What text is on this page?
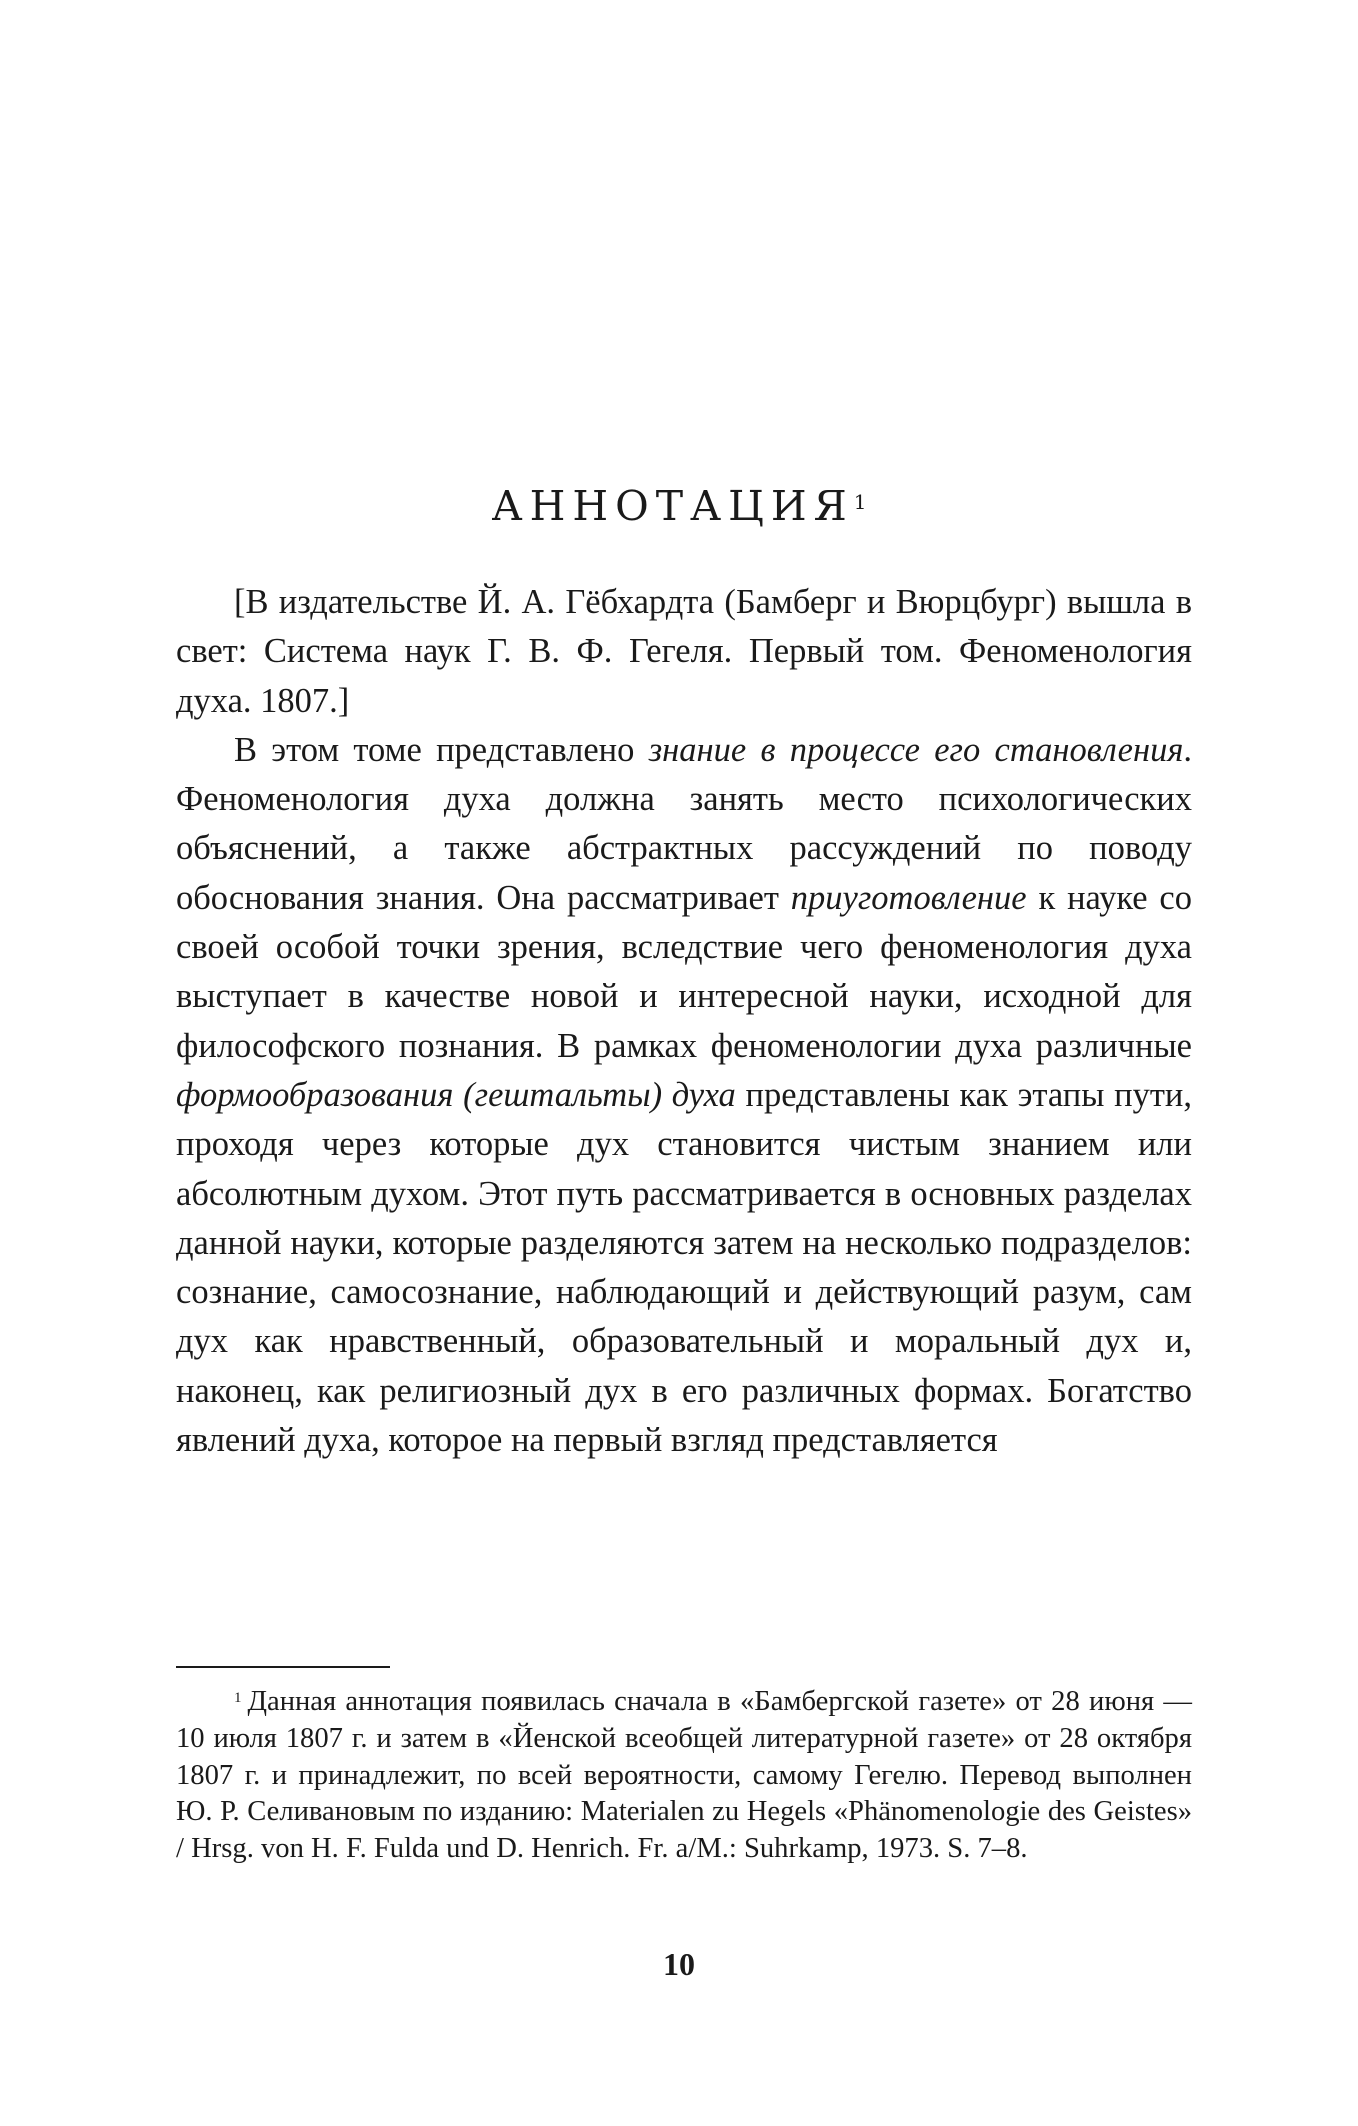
АННОТАЦИЯ$^1$

[В издательстве Й. А. Гёбхардта (Бамберг и Вюрцбург) вышла в свет: Система наук Г. В. Ф. Гегеля. Первый том. Феноменология духа. 1807.]

В этом томе представлено знание в процессе его становления. Феноменология духа должна занять место психологических объяснений, а также абстрактных рассуждений по поводу обоснования знания. Она рассматривает приуготовление к науке со своей особой точки зрения, вследствие чего феноменология духа выступает в качестве новой и интересной науки, исходной для философского познания. В рамках феноменологии духа различные формообразования (гештальты) духа представлены как этапы пути, проходя через которые дух становится чистым знанием или абсолютным духом. Этот путь рассматривается в основных разделах данной науки, которые разделяются затем на несколько подразделов: сознание, самосознание, наблюдающий и действующий разум, сам дух как нравственный, образовательный и моральный дух и, наконец, как религиозный дух в его различных формах. Богатство явлений духа, которое на первый взгляд представляется

$^1$ Данная аннотация появилась сначала в «Бамбергской газете» от 28 июня — 10 июля 1807 г. и затем в «Йенской всеобщей литературной газете» от 28 октября 1807 г. и принадлежит, по всей вероятности, самому Гегелю. Перевод выполнен Ю. Р. Селивановым по изданию: Materialen zu Hegels «Phänomenologie des Geistes» / Hrsg. von H. F. Fulda und D. Henrich. Fr. a/M.: Suhrkamp, 1973. S. 7–8.

10
